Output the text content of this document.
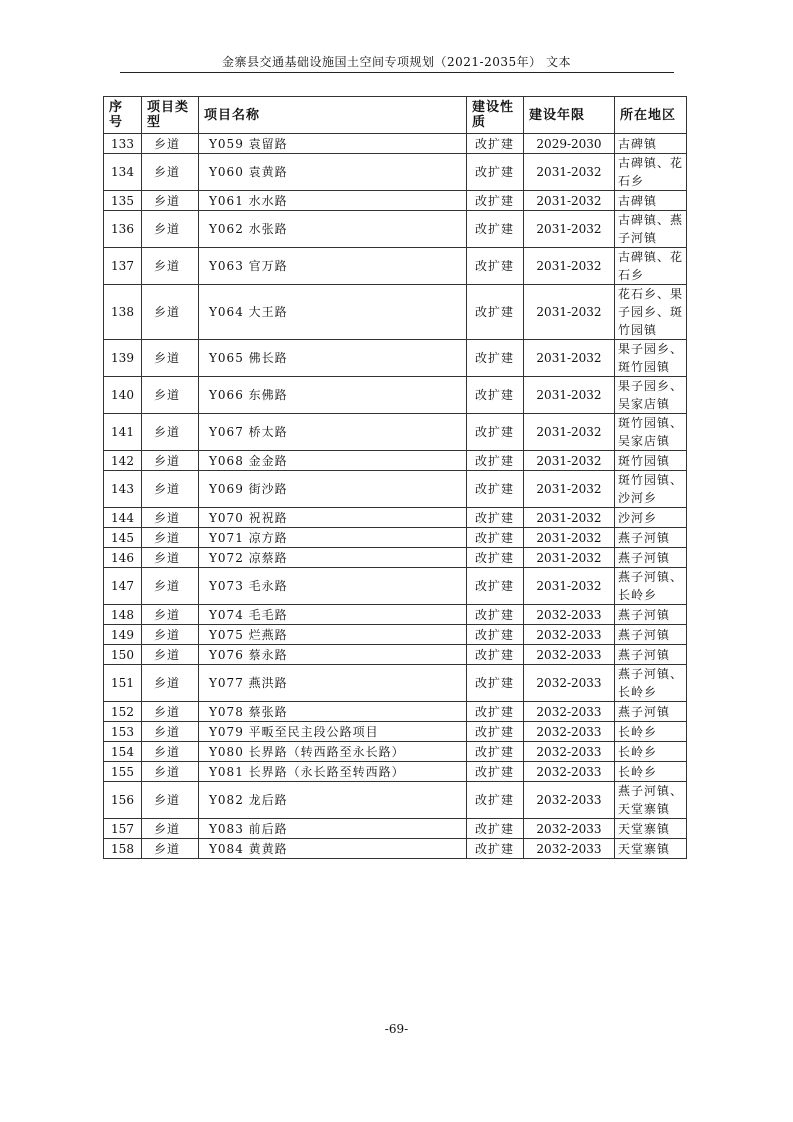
金寨县交通基础设施国土空间专项规划（2021-2035年） 文本
序号	项目类型	项目名称	建设性质	建设年限	所在地区
133	乡道	Y059 袁留路	改扩建	2029-2030	古碑镇
134	乡道	Y060 袁黄路	改扩建	2031-2032	古碑镇、花石乡
135	乡道	Y061 水水路	改扩建	2031-2032	古碑镇
136	乡道	Y062 水张路	改扩建	2031-2032	古碑镇、燕子河镇
137	乡道	Y063 官万路	改扩建	2031-2032	古碑镇、花石乡
138	乡道	Y064 大王路	改扩建	2031-2032	花石乡、果子园乡、斑竹园镇
139	乡道	Y065 佛长路	改扩建	2031-2032	果子园乡、斑竹园镇
140	乡道	Y066 东佛路	改扩建	2031-2032	果子园乡、吴家店镇
141	乡道	Y067 桥太路	改扩建	2031-2032	斑竹园镇、吴家店镇
142	乡道	Y068 金金路	改扩建	2031-2032	斑竹园镇
143	乡道	Y069 街沙路	改扩建	2031-2032	斑竹园镇、沙河乡
144	乡道	Y070 祝祝路	改扩建	2031-2032	沙河乡
145	乡道	Y071 凉方路	改扩建	2031-2032	燕子河镇
146	乡道	Y072 凉蔡路	改扩建	2031-2032	燕子河镇
147	乡道	Y073 毛永路	改扩建	2031-2032	燕子河镇、长岭乡
148	乡道	Y074 毛毛路	改扩建	2032-2033	燕子河镇
149	乡道	Y075 烂燕路	改扩建	2032-2033	燕子河镇
150	乡道	Y076 蔡永路	改扩建	2032-2033	燕子河镇
151	乡道	Y077 燕洪路	改扩建	2032-2033	燕子河镇、长岭乡
152	乡道	Y078 蔡张路	改扩建	2032-2033	燕子河镇
153	乡道	Y079 平畈至民主段公路项目	改扩建	2032-2033	长岭乡
154	乡道	Y080 长界路（转西路至永长路）	改扩建	2032-2033	长岭乡
155	乡道	Y081 长界路（永长路至转西路）	改扩建	2032-2033	长岭乡
156	乡道	Y082 龙后路	改扩建	2032-2033	燕子河镇、天堂寨镇
157	乡道	Y083 前后路	改扩建	2032-2033	天堂寨镇
158	乡道	Y084 黄黄路	改扩建	2032-2033	天堂寨镇
-69-
